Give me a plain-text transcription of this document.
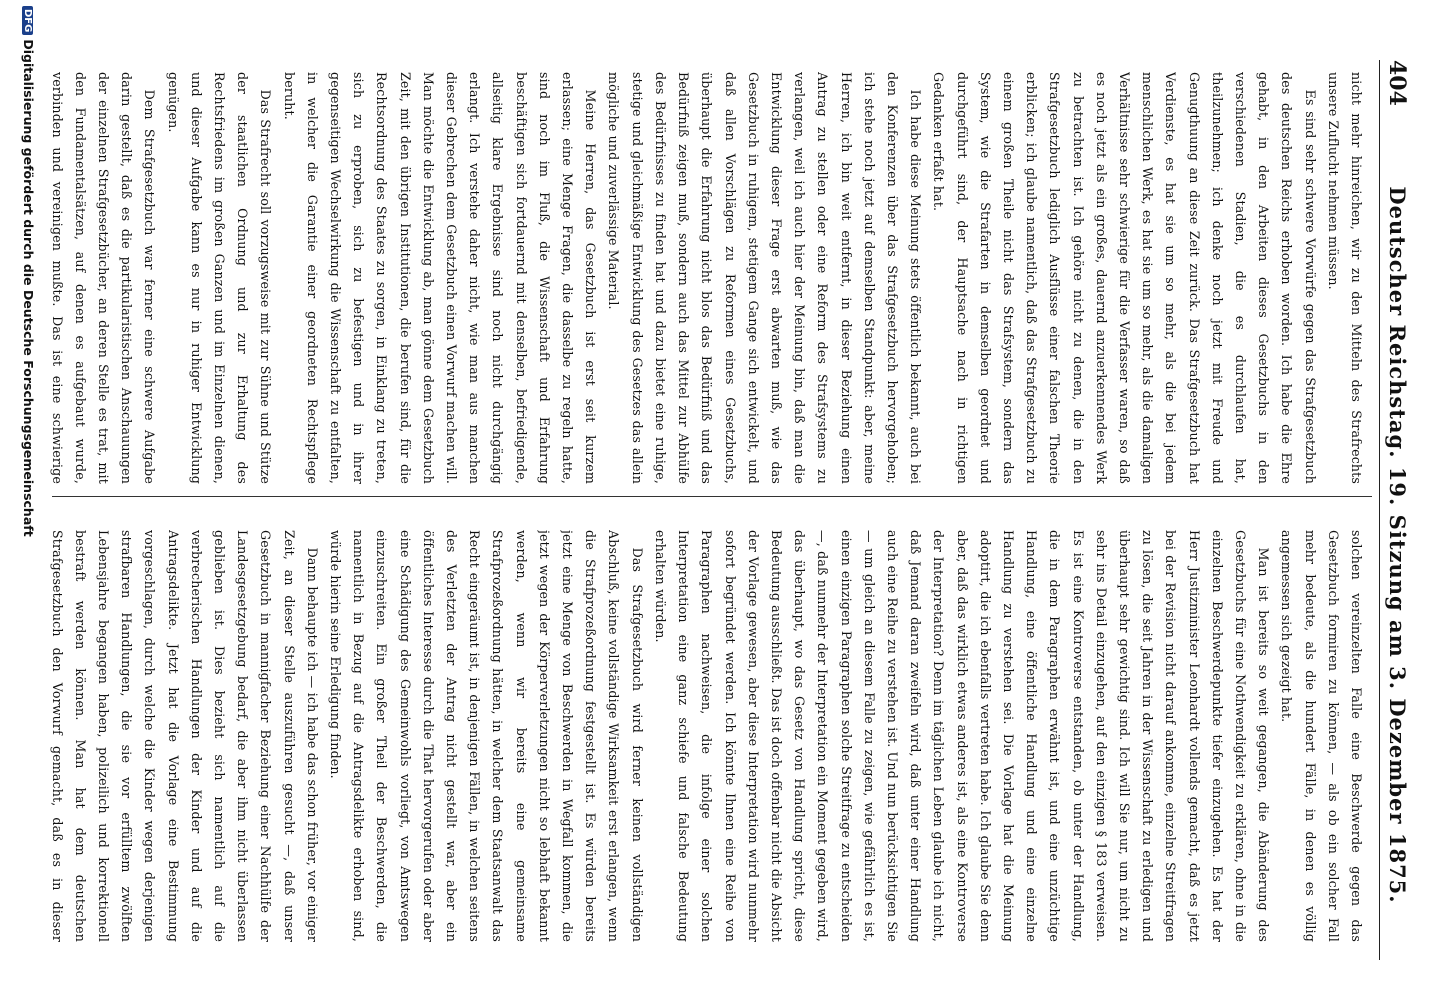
404
Deutscher Reichstag. 19. Sitzung am 3. Dezember 1875.

nicht mehr hinreichen, wir zu den Mitteln des Strafrechts unsere Zuflucht nehmen müssen.

Es sind sehr schwere Vorwürfe gegen das Strafgesetzbuch des deutschen Reichs erhoben worden. Ich habe die Ehre gehabt, in den Arbeiten dieses Gesetzbuchs in den verschiedenen Stadien, die es durchlaufen hat, theilzunehmen; ich denke noch jetzt mit Freude und Genugthuung an diese Zeit zurück. Das Strafgesetzbuch hat Verdienste, es hat sie um so mehr, als die bei jedem menschlichen Werk, es hat sie um so mehr, als die damaligen Verhältnisse sehr schwierige für die Verfasser waren, so daß es noch jetzt als ein großes, dauernd anzuerkennendes Werk zu betrachten ist. Ich gehöre nicht zu denen, die in den Strafgesetzbuch lediglich Ausflüsse einer falschen Theorie erblicken; ich glaube namentlich, daß das Strafgesetzbuch zu einem großen Theile nicht das Strafsystem, sondern das System, wie die Strafarten in demselben geordnet und durchgeführt sind, der Hauptsache nach in richtigen Gedanken erfaßt hat.

Ich habe diese Meinung stets öffentlich bekannt, auch bei den Konferenzen über das Strafgesetzbuch hervorgehoben; ich stehe noch jetzt auf demselben Standpunkt: aber, meine Herren, ich bin weit entfernt, in dieser Beziehung einen Antrag zu stellen oder eine Reform des Strafsystems zu verlangen, weil ich auch hier der Meinung bin, daß man die Entwicklung dieser Frage erst abwarten muß, wie das Gesetzbuch in ruhigem, stetigem Gange sich entwickelt, und daß allen Vorschlägen zu Reformen eines Gesetzbuchs, überhaupt die Erfahrung nicht blos das Bedürfniß und das Bedürfniß zeigen muß, sondern auch das Mittel zur Abhülfe des Bedürfnisses zu finden hat und dazu bietet eine ruhige, stetige und gleichmäßige Entwicklung des Gesetzes das allein mögliche und zuverlässige Material.

Meine Herren, das Gesetzbuch ist erst seit kurzem erlassen; eine Menge Fragen, die dasselbe zu regeln hatte, sind noch im Fluß, die Wissenschaft und Erfahrung beschäftigen sich fortdauernd mit denselben, befriedigende, allseitig klare Ergebnisse sind noch nicht durchgängig erlangt. Ich verstehe daher nicht, wie man aus manchen dieser Gebrechen dem Gesetzbuch einen Vorwurf machen will. Man möchte die Entwicklung ab, man gönne dem Gesetzbuch Zeit, mit den übrigen Institutionen, die berufen sind, für die Rechtsordnung des Staates zu sorgen, in Einklang zu treten, sich zu erproben, sich zu befestigen und in ihrer gegenseitigen Wechselwirkung die Wissenschaft zu entfalten, in welcher die Garantie einer geordneten Rechtspflege beruht.

Das Strafrecht soll vorzugsweise mit zur Sühne und Stütze der staatlichen Ordnung und zur Erhaltung des Rechtsfriedens im großen Ganzen und im Einzelnen dienen, und dieser Aufgabe kann es nur in ruhiger Entwicklung genügen.

Dem Strafgesetzbuch war ferner eine schwere Aufgabe darin gestellt, daß es die partikularistischen Anschauungen der einzelnen Strafgesetzbücher, an deren Stelle es trat, mit den Fundamentalsätzen, auf denen es aufgebaut wurde, verbinden und vereinigen mußte. Das ist eine schwierige

solchen vereinzelten Falle eine Beschwerde gegen das Gesetzbuch formiren zu können, — als ob ein solcher Fall mehr bedeute, als die hundert Fälle, in denen es völlig angemessen sich gezeigt hat.

Man ist bereits so weit gegangen, die Abänderung des Gesetzbuchs für eine Nothwendigkeit zu erklären, ohne in die einzelnen Beschwerdepunkte tiefer einzugehen. Es hat der Herr Justizminister Leonhardt vollends gemacht, daß es jetzt bei der Revision nicht darauf ankomme, einzelne Streitfragen zu lösen, die seit Jahren in der Wissenschaft zu erledigen und überhaupt sehr gewichtig sind. Ich will Sie nur, um nicht zu sehr ins Detail einzugehen, auf den einzigen § 183 verweisen. Es ist eine Kontroverse entstanden, ob unter der Handlung, die in dem Paragraphen erwähnt ist, und eine unzüchtige Handlung, eine öffentliche Handlung und eine einzelne Handlung zu verstehen sei. Die Vorlage hat die Meinung adoptirt, die ich ebenfalls vertreten habe. Ich glaube Sie denn aber, daß das wirklich etwas anderes ist, als eine Kontroverse der Interpretation? Denn im täglichen Leben glaube ich nicht, daß Jemand daran zweifeln wird, daß unter einer Handlung auch eine Reihe zu verstehen ist. Und nun berücksichtigen Sie — um gleich an diesem Falle zu zeigen, wie gefährlich es ist, einen einzigen Paragraphen solche Streitfrage zu entscheiden —, daß nunmehr der Interpretation ein Moment gegeben wird, das überhaupt, wo das Gesetz von Handlung spricht, diese Bedeutung ausschließt. Das ist doch offenbar nicht die Absicht der Vorlage gewesen, aber diese Interpretation wird nunmehr sofort begründet werden. Ich könnte Ihnen eine Reihe von Paragraphen nachweisen, die infolge einer solchen Interpretation eine ganz schiefe und falsche Bedeutung erhalten würden.

Das Strafgesetzbuch wird ferner keinen vollständigen Abschluß, keine vollständige Wirksamkeit erst erlangen, wenn die Strafprozeßordnung festgestellt ist. Es würden bereits jetzt eine Menge von Beschwerden in Wegfall kommen, die jetzt wegen der Körperverletzungen nicht so lebhaft bekannt werden, wenn wir bereits eine gemeinsame Strafprozeßordnung hätten, in welcher dem Staatsanwalt das Recht eingeräumt ist, in denjenigen Fällen, in welchen seitens des Verletzten der Antrag nicht gestellt war, aber ein öffentliches Interesse durch die That hervorgerufen oder aber eine Schädigung des Gemeinwohls vorliegt, von Amtswegen einzuschreiten. Ein großer Theil der Beschwerden, die namentlich in Bezug auf die Antragsdelikte erhoben sind, würde hierin seine Erledigung finden.

Dann behaupte ich — ich habe das schon früher, vor einiger Zeit, an dieser Stelle auszuführen gesucht —, daß unser Gesetzbuch in mannigfacher Beziehung einer Nachhülfe der Landesgesetzgebung bedarf, die aber ihm nicht überlassen geblieben ist. Dies bezieht sich namentlich auf die verbrecherischen Handlungen der Kinder und auf die Antragsdelikte. Jetzt hat die Vorlage eine Bestimmung vorgeschlagen, durch welche die Kinder wegen derjenigen strafbaren Handlungen, die sie vor erfülltem zwölften Lebensjahre begangen haben, polizeilich und korrektionell bestraft werden können. Man hat dem deutschen Strafgesetzbuch den Vorwurf gemacht, daß es in dieser

DFGDigitalisierung gefördert durch die Deutsche Forschungsgemeinschaft
